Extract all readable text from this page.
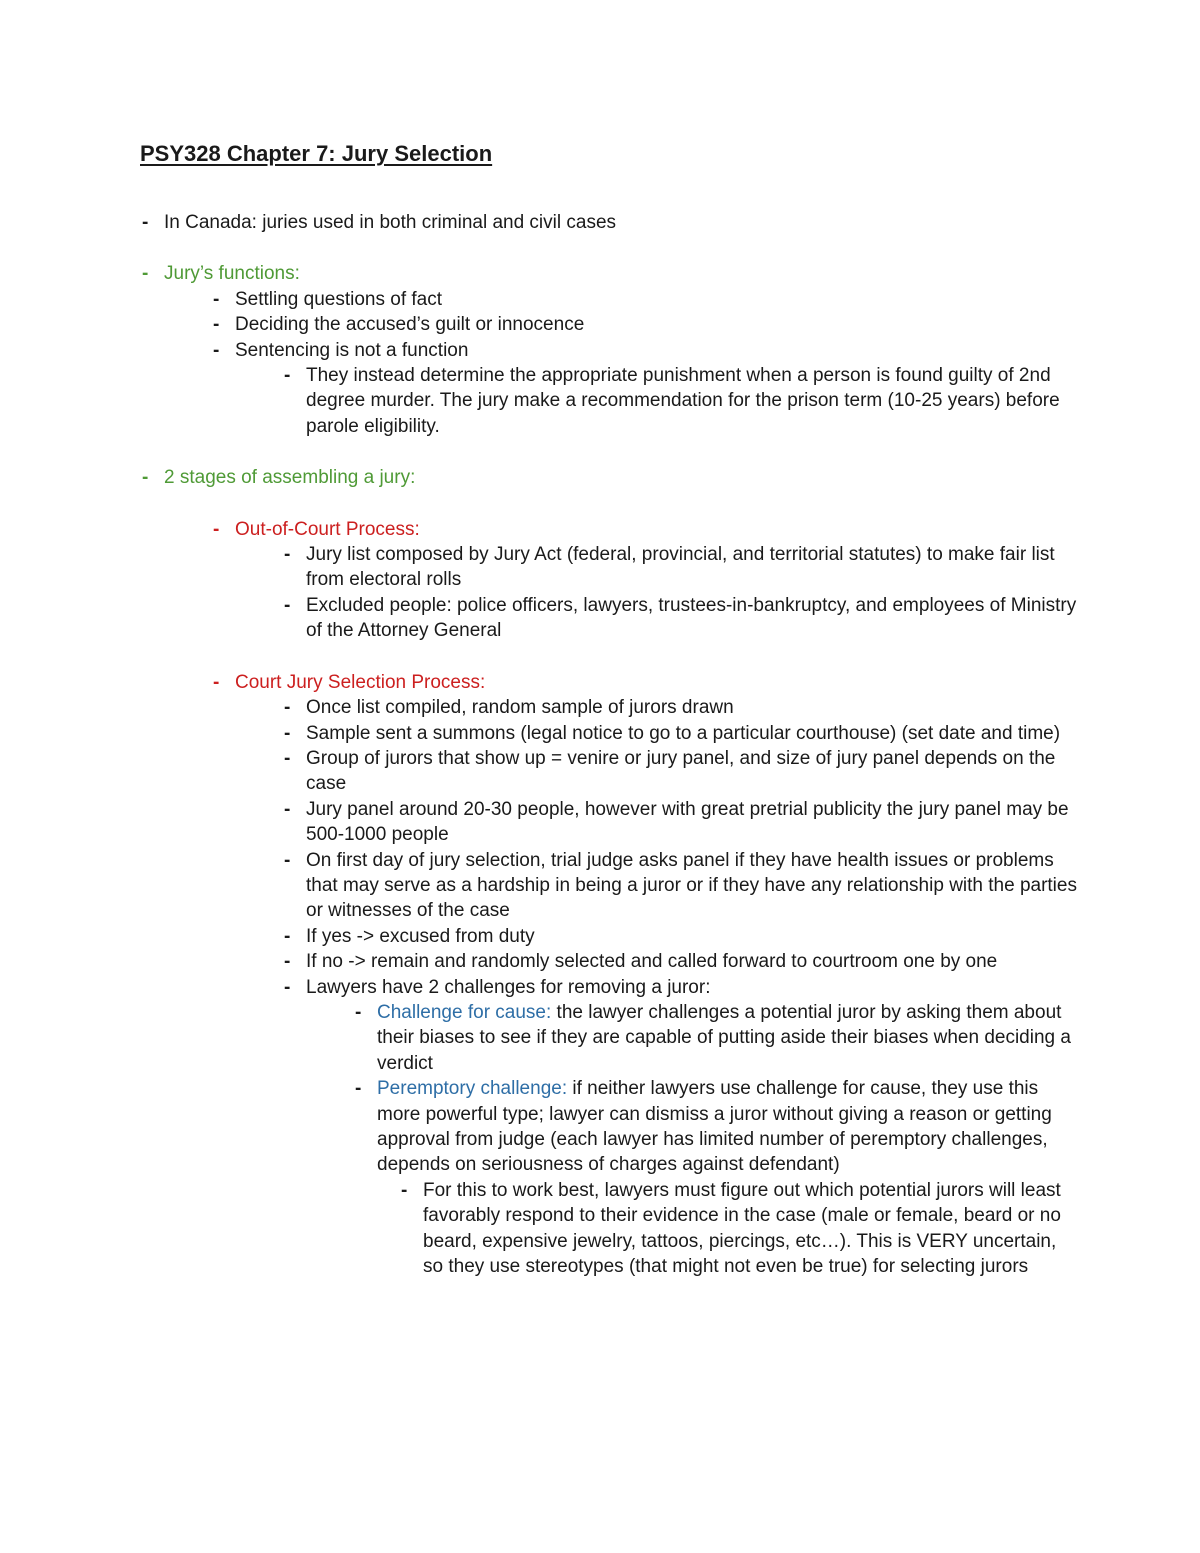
PSY328 Chapter 7: Jury Selection
- In Canada: juries used in both criminal and civil cases
- Jury’s functions:
- Settling questions of fact
- Deciding the accused’s guilt or innocence
- Sentencing is not a function
- They instead determine the appropriate punishment when a person is found guilty of 2nd degree murder. The jury make a recommendation for the prison term (10-25 years) before parole eligibility.
- 2 stages of assembling a jury:
- Out-of-Court Process:
- Jury list composed by Jury Act (federal, provincial, and territorial statutes) to make fair list from electoral rolls
- Excluded people: police officers, lawyers, trustees-in-bankruptcy, and employees of Ministry of the Attorney General
- Court Jury Selection Process:
- Once list compiled, random sample of jurors drawn
- Sample sent a summons (legal notice to go to a particular courthouse) (set date and time)
- Group of jurors that show up = venire or jury panel, and size of jury panel depends on the case
- Jury panel around 20-30 people, however with great pretrial publicity the jury panel may be 500-1000 people
- On first day of jury selection, trial judge asks panel if they have health issues or problems that may serve as a hardship in being a juror or if they have any relationship with the parties or witnesses of the case
- If yes -> excused from duty
- If no -> remain and randomly selected and called forward to courtroom one by one
- Lawyers have 2 challenges for removing a juror:
- Challenge for cause: the lawyer challenges a potential juror by asking them about their biases to see if they are capable of putting aside their biases when deciding a verdict
- Peremptory challenge: if neither lawyers use challenge for cause, they use this more powerful type; lawyer can dismiss a juror without giving a reason or getting approval from judge (each lawyer has limited number of peremptory challenges, depends on seriousness of charges against defendant)
- For this to work best, lawyers must figure out which potential jurors will least favorably respond to their evidence in the case (male or female, beard or no beard, expensive jewelry, tattoos, piercings, etc…). This is VERY uncertain, so they use stereotypes (that might not even be true) for selecting jurors
